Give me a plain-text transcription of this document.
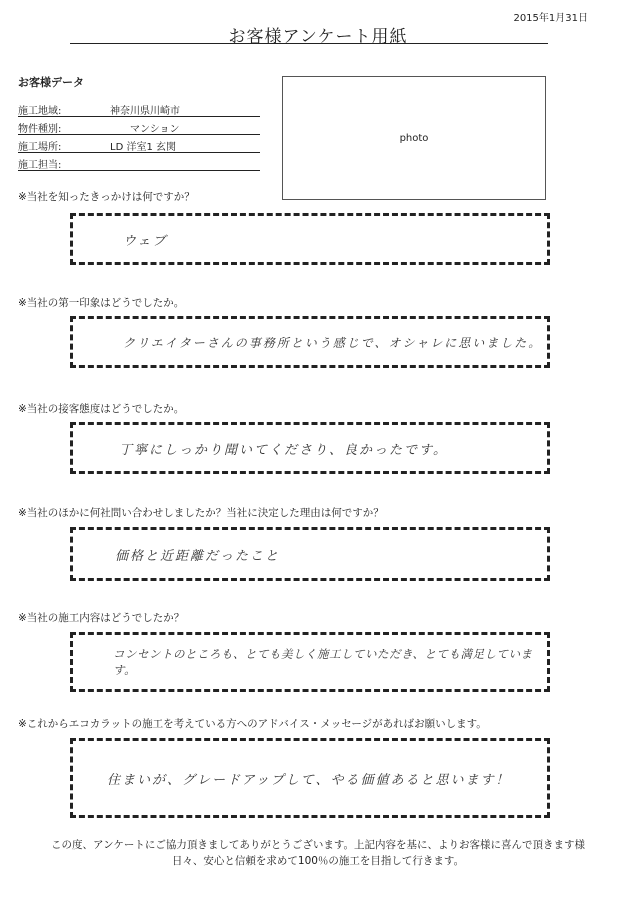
2015年1月31日
お客様アンケート用紙
お客様データ
施工地域:	神奈川県川崎市
物件種別:	マンション
施工場所:	LD 洋室1 玄関
施工担当:
photo
※当社を知ったきっかけは何ですか？
ウェブ
※当社の第一印象はどうでしたか。
クリエイターさんの事務所という感じで、オシャレに思いました。
※当社の接客態度はどうでしたか。
丁寧にしっかり聞いてくださり、良かったです。
※当社のほかに何社問い合わせしましたか？当社に決定した理由は何ですか？
価格と近距離だったこと
※当社の施工内容はどうでしたか？
コンセントのところも、とても美しく施工していただき、とても満足しています。
※これからエコカラットの施工を考えている方へのアドバイス・メッセージがあればお願いします。
住まいが、グレードアップして、やる価値あると思います！
この度、アンケートにご協力頂きましてありがとうございます。上記内容を基に、よりお客様に喜んで頂きます様
日々、安心と信頼を求めて100％の施工を目指して行きます。
